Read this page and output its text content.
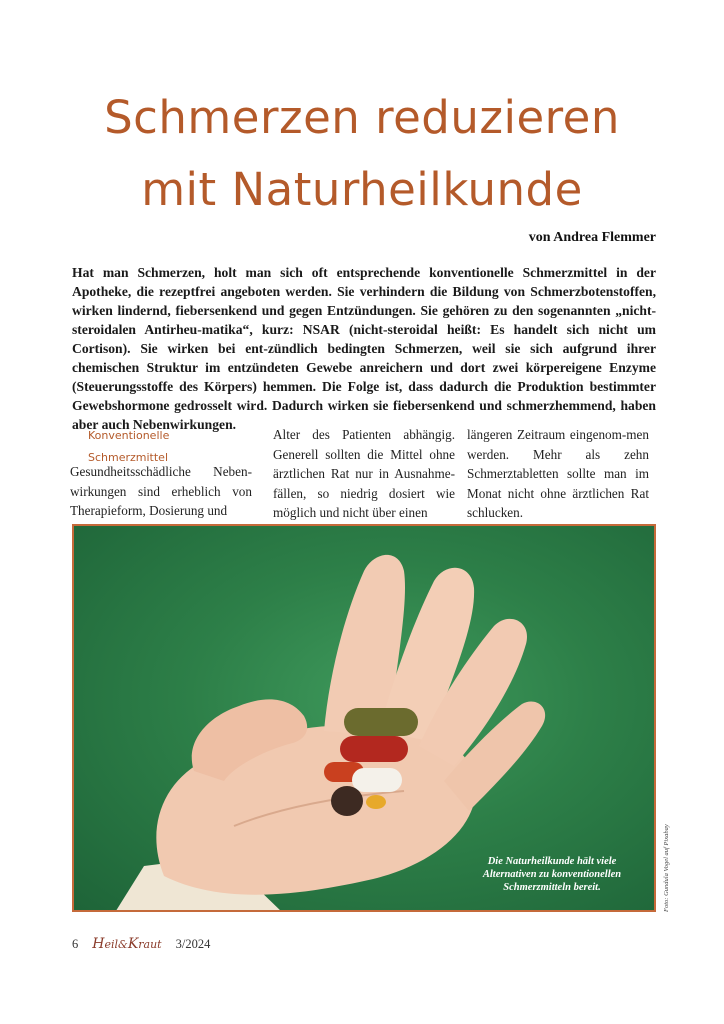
Schmerzen reduzieren
mit Naturheilkunde
von Andrea Flemmer

Hat man Schmerzen, holt man sich oft entsprechende konventionelle Schmerzmittel in der Apotheke, die rezeptfrei angeboten werden. Sie verhindern die Bildung von Schmerzbotenstoffen, wirken lindernd, fiebersenkend und gegen Entzündungen. Sie gehören zu den sogenannten „nicht-steroidalen Antirheu-matika“, kurz: NSAR (nicht-steroidal heißt: Es handelt sich nicht um Cortison). Sie wirken bei ent-zündlich bedingten Schmerzen, weil sie sich aufgrund ihrer chemischen Struktur im entzündeten Gewebe anreichern und dort zwei körpereigene Enzyme (Steuerungsstoffe des Körpers) hemmen. Die Folge ist, dass dadurch die Produktion bestimmter Gewebshormone gedrosselt wird. Dadurch wirken sie fiebersenkend und schmerzhemmend, haben aber auch Nebenwirkungen.

Konventionelle Schmerzmittel

Gesundheitsschädliche Neben-wirkungen sind erheblich von Therapieform, Dosierung und

Alter des Patienten abhängig. Generell sollten die Mittel ohne ärztlichen Rat nur in Ausnahme-fällen, so niedrig dosiert wie möglich und nicht über einen

längeren Zeitraum eingenom-men werden. Mehr als zehn Schmerztabletten sollte man im Monat nicht ohne ärztlichen Rat schlucken.

Die Naturheilkunde hält viele Alternativen zu konventionellen Schmerzmitteln bereit.	Foto: Gundula Vogel auf Pixabay
6 Heil&Kraut 3/2024
